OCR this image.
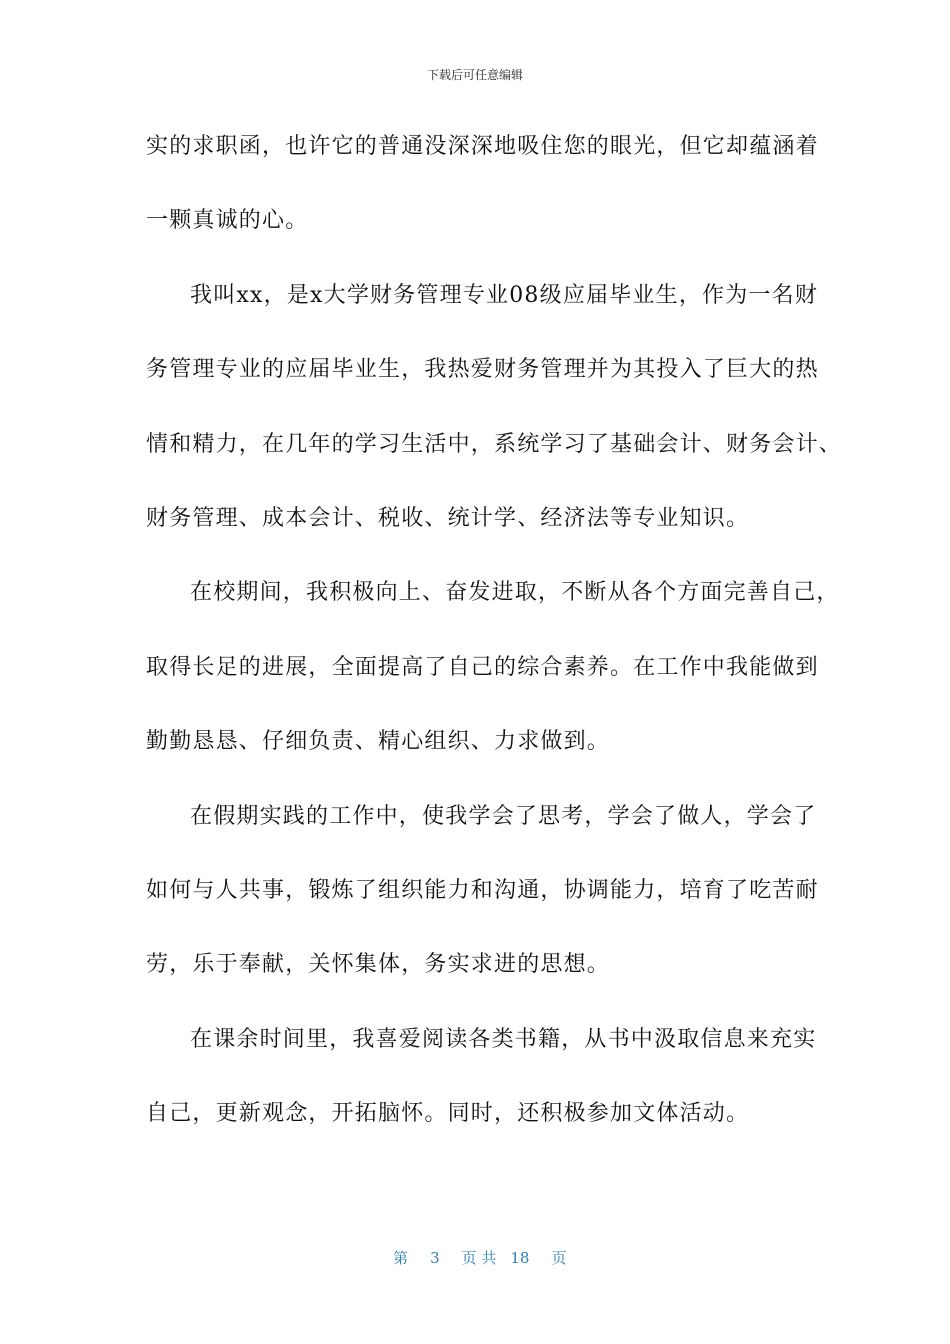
下载后可任意编辑
实的求职函，也许它的普通没深深地吸住您的眼光，但它却蕴涵着
一颗真诚的心。
我叫xx，是x大学财务管理专业08级应届毕业生，作为一名财
务管理专业的应届毕业生，我热爱财务管理并为其投入了巨大的热
情和精力，在几年的学习生活中，系统学习了基础会计、财务会计、
财务管理、成本会计、税收、统计学、经济法等专业知识。
在校期间，我积极向上、奋发进取，不断从各个方面完善自己，
取得长足的进展，全面提高了自己的综合素养。在工作中我能做到
勤勤恳恳、仔细负责、精心组织、力求做到。
在假期实践的工作中，使我学会了思考，学会了做人，学会了
如何与人共事，锻炼了组织能力和沟通，协调能力，培育了吃苦耐
劳，乐于奉献，关怀集体，务实求进的思想。
在课余时间里，我喜爱阅读各类书籍，从书中汲取信息来充实
自己，更新观念，开拓脑怀。同时，还积极参加文体活动。

第 3 页 共 18 页
